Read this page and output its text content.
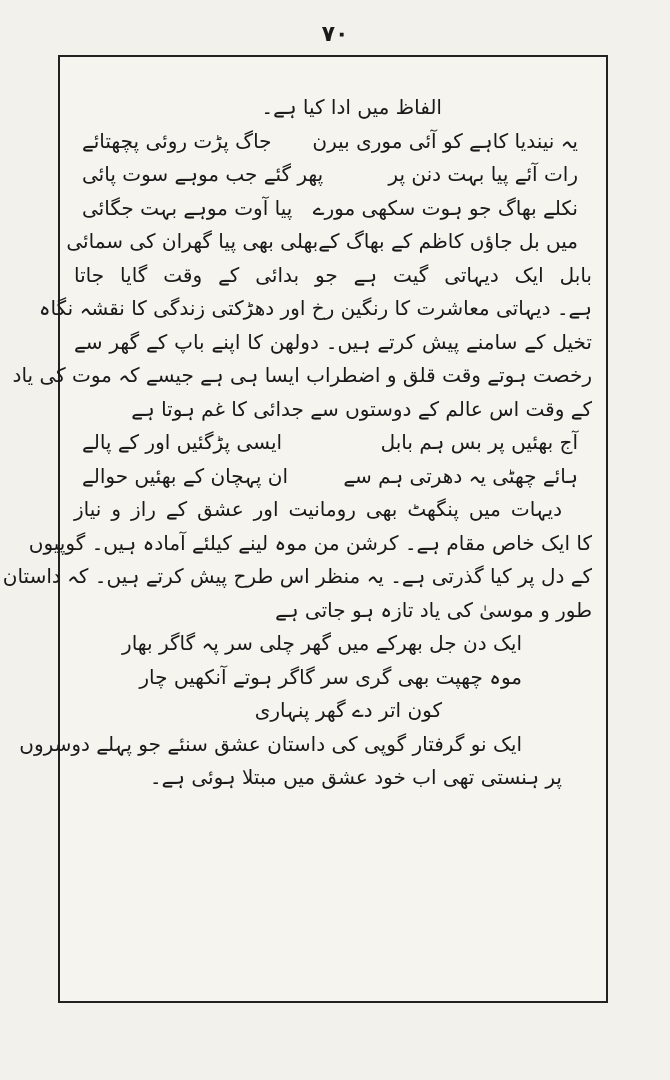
۷۰
الفاظ میں ادا کیا ہے۔
یہ نیندیا کاہے کو آئی موری بیرن
جاگ پڑت روئی پچھتائے
رات آئے پیا بہت دنن پر
پھر گئے جب موہے سوت پائی
نکلے بھاگ جو ہوت سکھی مورے
پیا آوت موہے بہت جگائی
میں بل جاؤں کاظم کے بھاگ کے
بھلی بھی پیا گھران کی سمائی
بابل ایک دیہاتی گیت ہے جو بدائی کے وقت گایا جاتا
ہے۔ دیہاتی معاشرت کا رنگین رخ اور دھڑکتی زندگی کا نقشہ نگاہ
تخیل کے سامنے پیش کرتے ہیں۔ دولھن کا اپنے باپ کے گھر سے
رخصت ہوتے وقت قلق و اضطراب ایسا ہی ہے جیسے کہ موت کی یاد
کے وقت اس عالم کے دوستوں سے جدائی کا غم ہوتا ہے
آج بھئیں پر بس ہم بابل
ایسی پڑگئیں اور کے پالے
ہائے چھٹی یہ دھرتی ہم سے
ان پہچان کے بھئیں حوالے
دیہات میں پنگھٹ بھی رومانیت اور عشق کے راز و نیاز
کا ایک خاص مقام ہے۔ کرشن من موہ لینے کیلئے آمادہ ہیں۔ گوپیوں
کے دل پر کیا گذرتی ہے۔ یہ منظر اس طرح پیش کرتے ہیں۔ کہ داستان
طور و موسیٰ کی یاد تازہ ہو جاتی ہے
ایک دن جل بھرکے میں گھر چلی سر پہ گاگر بھار
موہ چھپت بھی گری سر گاگر ہوتے آنکھیں چار
کون اتر دے گھر پنہاری
ایک نو گرفتار گوپی کی داستان عشق سنئے جو پہلے دوسروں
پر ہنستی تھی اب خود عشق میں مبتلا ہوئی ہے۔
